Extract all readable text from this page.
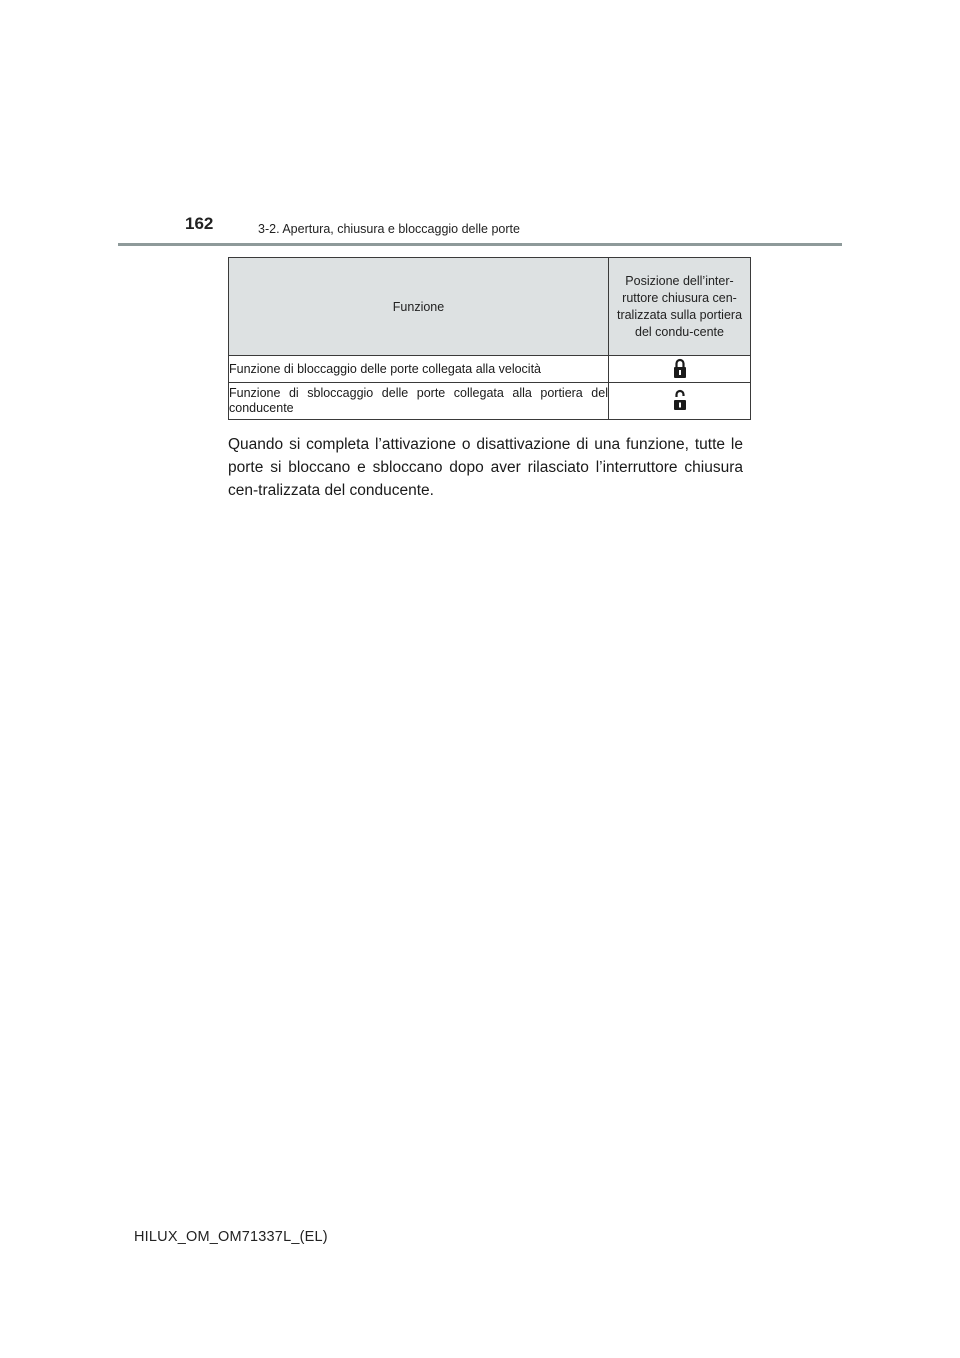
162	3-2. Apertura, chiusura e bloccaggio delle porte
Funzione	Posizione dell’inter-ruttore chiusura cen-tralizzata sulla portiera del condu-cente
Funzione di bloccaggio delle porte collegata alla velocità	
Funzione di sbloccaggio delle porte collegata alla portiera del conducente	
Quando si completa l’attivazione o disattivazione di una funzione, tutte le porte si bloccano e sbloccano dopo aver rilasciato l’interruttore chiusura cen-tralizzata del conducente.
HILUX_OM_OM71337L_(EL)
